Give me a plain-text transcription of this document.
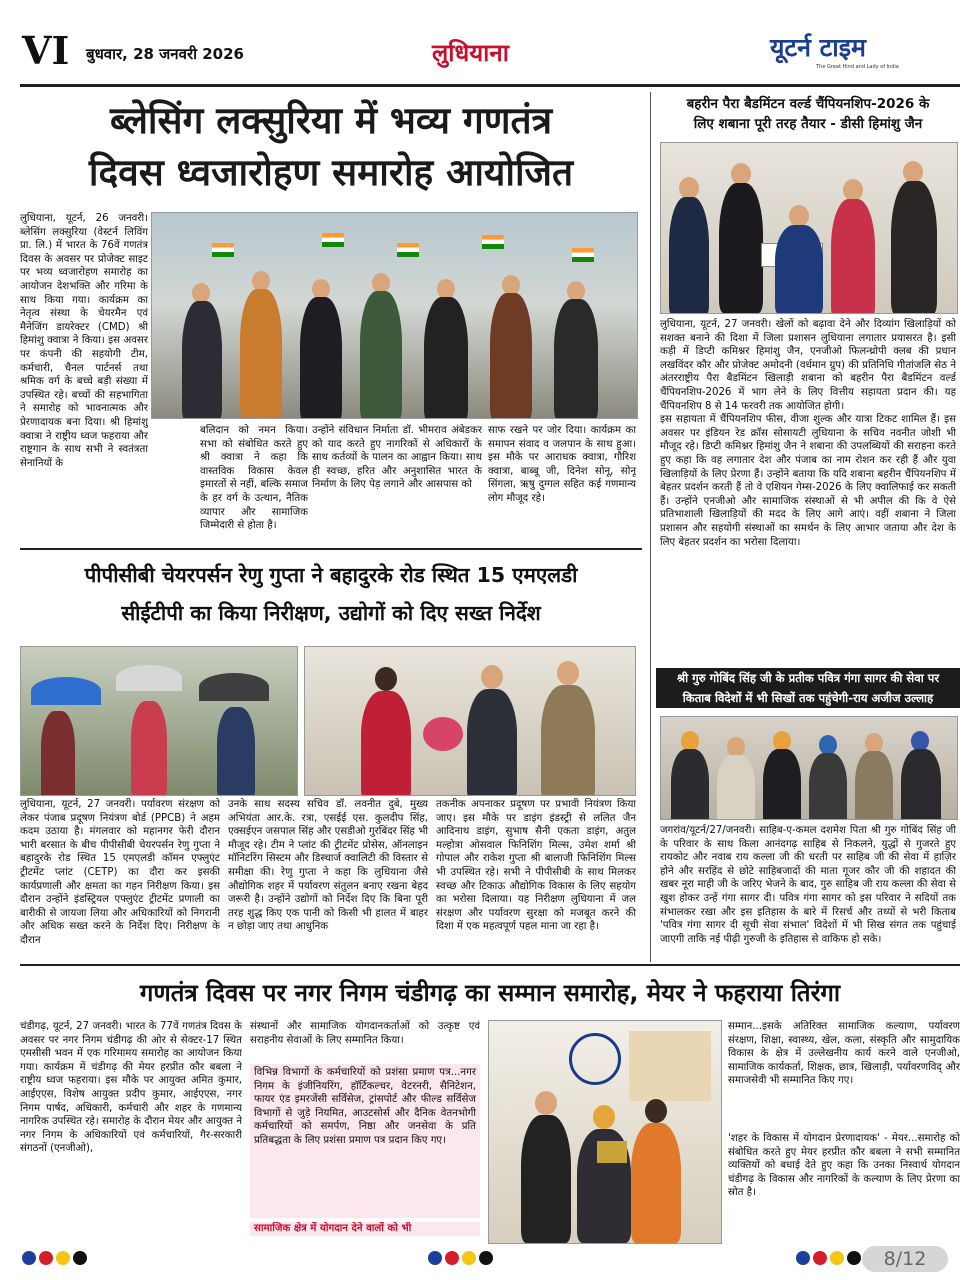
VI बुधवार, 28 जनवरी 2026	लुधियाना	यूटर्न टाइम
The Great Hind and Lady of India
ब्लेसिंग लक्सुरिया में भव्य गणतंत्र
दिवस ध्वजारोहण समारोह आयोजित
लुधियाना, यूटर्न, 26 जनवरी। ब्लेसिंग लक्सुरिया (वेस्टर्न लिविंग प्रा. लि.) में भारत के 76वें गणतंत्र दिवस के अवसर पर प्रोजेक्ट साइट पर भव्य ध्वजारोहण समारोह का आयोजन देशभक्ति और गरिमा के साथ किया गया। कार्यक्रम का नेतृत्व संस्था के चेयरमैन एवं मैनेजिंग डायरेक्टर (CMD) श्री हिमांशु क्वात्रा ने किया। इस अवसर पर कंपनी की सहयोगी टीम, कर्मचारी, चैनल पार्टनर्स तथा श्रमिक वर्ग के बच्चे बड़ी संख्या में उपस्थित रहे। बच्चों की सहभागिता ने समारोह को भावनात्मक और प्रेरणादायक बना दिया। श्री हिमांशु क्वात्रा ने राष्ट्रीय ध्वज फहराया और राष्ट्रगान के साथ सभी ने स्वतंत्रता सेनानियों के
बलिदान को नमन किया। सभा को संबोधित करते हुए श्री क्वात्रा ने कहा कि वास्तविक विकास केवल इमारतों से नहीं, बल्कि समाज के हर वर्ग के उत्थान, नैतिक व्यापार और सामाजिक जिम्मेदारी से होता है।
उन्होंने संविधान निर्माता डॉ. भीमराव अंबेडकर को याद करते हुए नागरिकों से अधिकारों के साथ कर्तव्यों के पालन का आह्वान किया। साथ ही स्वच्छ, हरित और अनुशासित भारत के निर्माण के लिए पेड़ लगाने और आसपास को
साफ रखने पर जोर दिया। कार्यक्रम का समापन संवाद व जलपान के साथ हुआ। इस मौके पर आराधक क्वात्रा, गौरिश क्वात्रा, बाब्बू जी, दिनेश सोनू, सोनू सिंगला, ऋषु दुग्गल सहित कई गणमान्य लोग मौजूद रहे।
बहरीन पैरा बैडमिंटन वर्ल्ड चैंपियनशिप-2026 के
लिए शबाना पूरी तरह तैयार - डीसी हिमांशु जैन
लुधियाना, यूटर्न, 27 जनवरी। खेलों को बढ़ावा देने और दिव्यांग खिलाड़ियों को सशक्त बनाने की दिशा में जिला प्रशासन लुधियाना लगातार प्रयासरत है। इसी कड़ी में डिप्टी कमिश्नर हिमांशु जैन, एनजीओ फिलन्थ्रोपी क्लब की प्रधान लखविंदर कौर और प्रोजेक्ट अमोदनी (वर्धमान ग्रुप) की प्रतिनिधि गीतांजलि सेठ ने अंतरराष्ट्रीय पैरा बैडमिंटन खिलाड़ी शबाना को बहरीन पैरा बैडमिंटन वर्ल्ड चैंपियनशिप-2026 में भाग लेने के लिए वित्तीय सहायता प्रदान की। यह चैंपियनशिप 8 से 14 फरवरी तक आयोजित होगी।
इस सहायता में चैंपियनशिप फीस, वीजा शुल्क और यात्रा टिकट शामिल हैं। इस अवसर पर इंडियन रेड क्रॉस सोसायटी लुधियाना के सचिव नवनीत जोशी भी मौजूद रहे। डिप्टी कमिश्नर हिमांशु जैन ने शबाना की उपलब्धियों की सराहना करते हुए कहा कि वह लगातार देश और पंजाब का नाम रोशन कर रही हैं और युवा खिलाड़ियों के लिए प्रेरणा हैं। उन्होंने बताया कि यदि शबाना बहरीन चैंपियनशिप में बेहतर प्रदर्शन करती हैं तो वे एशियन गेम्स-2026 के लिए क्वालिफाई कर सकती हैं। उन्होंने एनजीओ और सामाजिक संस्थाओं से भी अपील की कि वे ऐसे प्रतिभाशाली खिलाड़ियों की मदद के लिए आगे आएं। वहीं शबाना ने जिला प्रशासन और सहयोगी संस्थाओं का समर्थन के लिए आभार जताया और देश के लिए बेहतर प्रदर्शन का भरोसा दिलाया।
श्री गुरु गोबिंद सिंह जी के प्रतीक पवित्र गंगा सागर की सेवा पर
किताब विदेशों में भी सिखों तक पहुंचेगी-राय अजीज उल्लाह
जगरांव/यूटर्न/27/जनवरी। साहिब-ए-कमल दशमेश पिता श्री गुरु गोबिंद सिंह जी के परिवार के साथ किला आनंदगढ़ साहिब से निकलने, युद्धों से गुजरते हुए रायकोट और नवाब राय कल्ला जी की धरती पर साहिब जी की सेवा में हाज़िर होने और सरहिंद से छोटे साहिबजादों की माता गूजर कौर जी की शहादत की खबर नूरा माही जी के जरिए भेजने के बाद, गुरु साहिब जी राय कल्ला की सेवा से खुश होकर उन्हें गंगा सागर दी। पवित्र गंगा सागर को इस परिवार ने सदियों तक संभालकर रखा और इस इतिहास के बारे में रिसर्च और तथ्यों से भरी किताब 'पवित्र गंगा सागर दी सूची सेवा संभाल' विदेशों में भी सिख संगत तक पहुंचाई जाएगी ताकि नई पीढ़ी गुरुजी के इतिहास से वाकिफ हो सके।
पीपीसीबी चेयरपर्सन रेणु गुप्ता ने बहादुरके रोड स्थित 15 एमएलडी
सीईटीपी का किया निरीक्षण, उद्योगों को दिए सख्त निर्देश
लुधियाना, यूटर्न, 27 जनवरी। पर्यावरण संरक्षण को लेकर पंजाब प्रदूषण नियंत्रण बोर्ड (PPCB) ने अहम कदम उठाया है। मंगलवार को महानगर फेरी दौरान भारी बरसात के बीच पीपीसीबी चेयरपर्सन रेणु गुप्ता ने बहादुरके रोड स्थित 15 एमएलडी कॉमन एफ्लुएंट ट्रीटमेंट प्लांट (CETP) का दौरा कर इसकी कार्यप्रणाली और क्षमता का गहन निरीक्षण किया। इस दौरान उन्होंने इंडस्ट्रियल एफ्लुएंट ट्रीटमेंट प्रणाली का बारीकी से जायजा लिया और अधिकारियों को निगरानी और अधिक सख्त करने के निर्देश दिए। निरीक्षण के दौरान
उनके साथ सदस्य सचिव डॉ. लवनीत दुबे, मुख्य अभियंता आर.के. रत्रा, एसईई एस. कुलदीप सिंह, एक्सईएन जसपाल सिंह और एसडीओ गुरबिंदर सिंह भी मौजूद रहे। टीम ने प्लांट की ट्रीटमेंट प्रोसेस, ऑनलाइन मॉनिटरिंग सिस्टम और डिस्चार्ज क्वालिटी की विस्तार से समीक्षा की। रेणु गुप्ता ने कहा कि लुधियाना जैसे औद्योगिक शहर में पर्यावरण संतुलन बनाए रखना बेहद जरूरी है। उन्होंने उद्योगों को निर्देश दिए कि बिना पूरी तरह शुद्ध किए एक पानी को किसी भी हालत में बाहर न छोड़ा जाए तथा आधुनिक
तकनीक अपनाकर प्रदूषण पर प्रभावी नियंत्रण किया जाए। इस मौके पर डाइंग इंडस्ट्री से ललित जैन आदिनाथ डाइंग, सुभाष सैनी एकता डाइंग, अतुल मल्होत्रा ओसवाल फिनिशिंग मिल्स, उमेश शर्मा श्री गोपाल और राकेश गुप्ता श्री बालाजी फिनिशिंग मिल्स भी उपस्थित रहे। सभी ने पीपीसीबी के साथ मिलकर स्वच्छ और टिकाऊ औद्योगिक विकास के लिए सहयोग का भरोसा दिलाया। यह निरीक्षण लुधियाना में जल संरक्षण और पर्यावरण सुरक्षा को मजबूत करने की दिशा में एक महत्वपूर्ण पहल माना जा रहा है।
गणतंत्र दिवस पर नगर निगम चंडीगढ़ का सम्मान समारोह, मेयर ने फहराया तिरंगा
चंडीगढ़, यूटर्न, 27 जनवरी। भारत के 77वें गणतंत्र दिवस के अवसर पर नगर निगम चंडीगढ़ की ओर से सेक्टर-17 स्थित एमसीसी भवन में एक गरिमामय समारोह का आयोजन किया गया। कार्यक्रम में चंडीगढ़ की मेयर हरप्रीत कौर बबला ने राष्ट्रीय ध्वज फहराया। इस मौके पर आयुक्त अमित कुमार, आईएएस, विशेष आयुक्त प्रदीप कुमार, आईएएस, नगर निगम पार्षद, अधिकारी, कर्मचारी और शहर के गणमान्य नागरिक उपस्थित रहे। समारोह के दौरान मेयर और आयुक्त ने नगर निगम के अधिकारियों एवं कर्मचारियों, गैर-सरकारी संगठनों (एनजीओ),
संस्थानों और सामाजिक योगदानकर्ताओं को उत्कृष्ट एवं सराहनीय सेवाओं के लिए सम्मानित किया।
विभिन्न विभागों के कर्मचारियों को प्रशंसा प्रमाण पत्र...नगर निगम के इंजीनियरिंग, हॉर्टिकल्चर, वेटरनरी, सैनिटेशन, फायर एंड इमरजेंसी सर्विसेज, ट्रांसपोर्ट और फील्ड सर्विसेज विभागों से जुड़े नियमित, आउटसोर्स और दैनिक वेतनभोगी कर्मचारियों को समर्पण, निष्ठा और जनसेवा के प्रति प्रतिबद्धता के लिए प्रशंसा प्रमाण पत्र प्रदान किए गए।
सामाजिक क्षेत्र में योगदान देने वालों को भी
सम्मान...इसके अतिरिक्त सामाजिक कल्याण, पर्यावरण संरक्षण, शिक्षा, स्वास्थ्य, खेल, कला, संस्कृति और सामुदायिक विकास के क्षेत्र में उल्लेखनीय कार्य करने वाले एनजीओ, सामाजिक कार्यकर्ता, शिक्षक, छात्र, खिलाड़ी, पर्यावरणविद् और समाजसेवी भी सम्मानित किए गए।
'शहर के विकास में योगदान प्रेरणादायक' - मेयर...समारोह को संबोधित करते हुए मेयर हरप्रीत कौर बबला ने सभी सम्मानित व्यक्तियों को बधाई देते हुए कहा कि उनका निस्वार्थ योगदान चंडीगढ़ के विकास और नागरिकों के कल्याण के लिए प्रेरणा का स्रोत है।
8/12
